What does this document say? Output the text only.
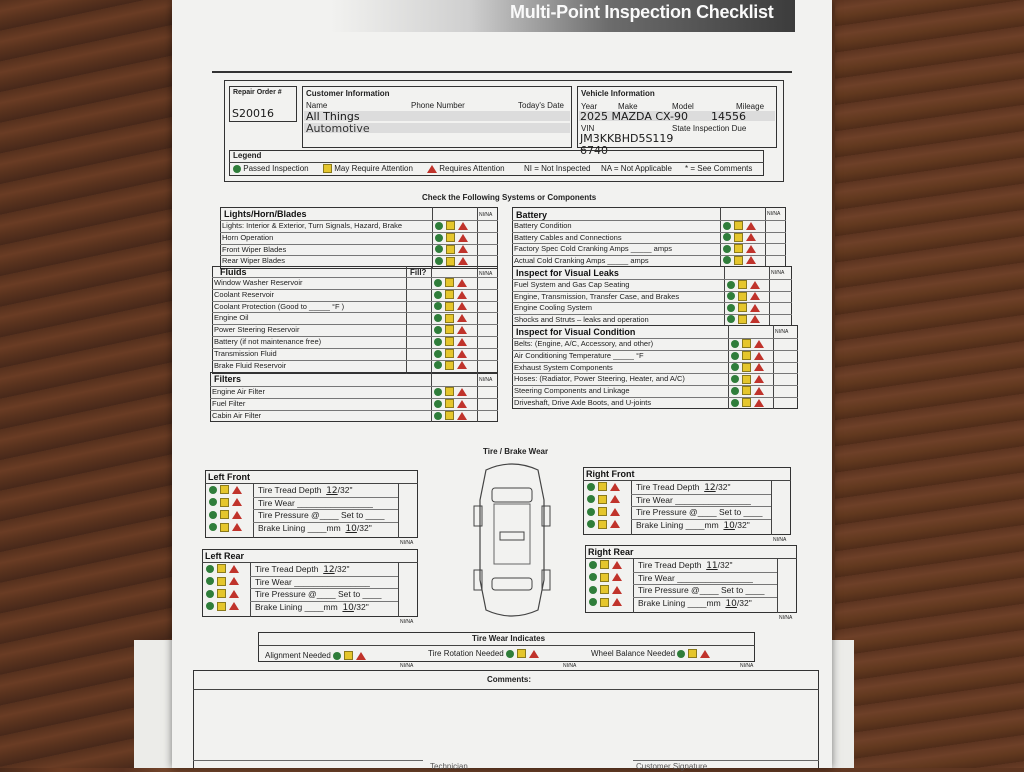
Multi-Point Inspection Checklist
Repair Order #
S20016
Customer Information
Name	Phone Number	Today's Date
All Things
Automotive
Vehicle Information
Year	Make	Model	Mileage
2025 MAZDA CX-90 14556
VIN	State Inspection Due
JM3KKBHD5S119
6740
Legend
Passed Inspection	May Require Attention	Requires Attention NI = Not Inspected NA = Not Applicable * = See Comments
Check the Following Systems or Components
Lights/Horn/Blades	NI/NA
Lights: Interior & Exterior, Turn Signals, Hazard, Brake
Horn Operation
Front Wiper Blades
Rear Wiper Blades
Fluids	Fill?	NI/NA
Window Washer Reservoir
Coolant Reservoir
Coolant Protection (Good to _____ °F )
Engine Oil
Power Steering Reservoir
Battery (if not maintenance free)
Transmission Fluid
Brake Fluid Reservoir
Filters	NI/NA
Engine Air Filter
Fuel Filter
Cabin Air Filter
Battery	NI/NA
Battery Condition
Battery Cables and Connections
Factory Spec Cold Cranking Amps _____ amps
Actual Cold Cranking Amps _____ amps
Inspect for Visual Leaks	NI/NA
Fuel System and Gas Cap Seating
Engine, Transmission, Transfer Case, and Brakes
Engine Cooling System
Shocks and Struts – leaks and operation
Inspect for Visual Condition	NI/NA
Belts: (Engine, A/C, Accessory, and other)
Air Conditioning Temperature _____ °F
Exhaust System Components
Hoses: (Radiator, Power Steering, Heater, and A/C)
Steering Components and Linkage
Driveshaft, Drive Axle Boots, and U-joints
Tire / Brake Wear
Left Front
Tire Tread Depth 12/32"
Tire Wear ________________
Tire Pressure @____ Set to ____
Brake Lining ____mm 10/32"
NI/NA
Left Rear
Tire Tread Depth 12/32"
Tire Wear ________________
Tire Pressure @____ Set to ____
Brake Lining ____mm 10/32"
NI/NA
Right Front
Tire Tread Depth 12/32"
Tire Wear ________________
Tire Pressure @____ Set to ____
Brake Lining ____mm 10/32"
NI/NA
Right Rear
Tire Tread Depth 11/32"
Tire Wear ________________
Tire Pressure @____ Set to ____
Brake Lining ____mm 10/32"
NI/NA
Tire Wear Indicates
Alignment Needed	Tire Rotation Needed	Wheel Balance Needed
NI/NA	NI/NA	NI/NA
Comments:
Technician	Customer Signature
